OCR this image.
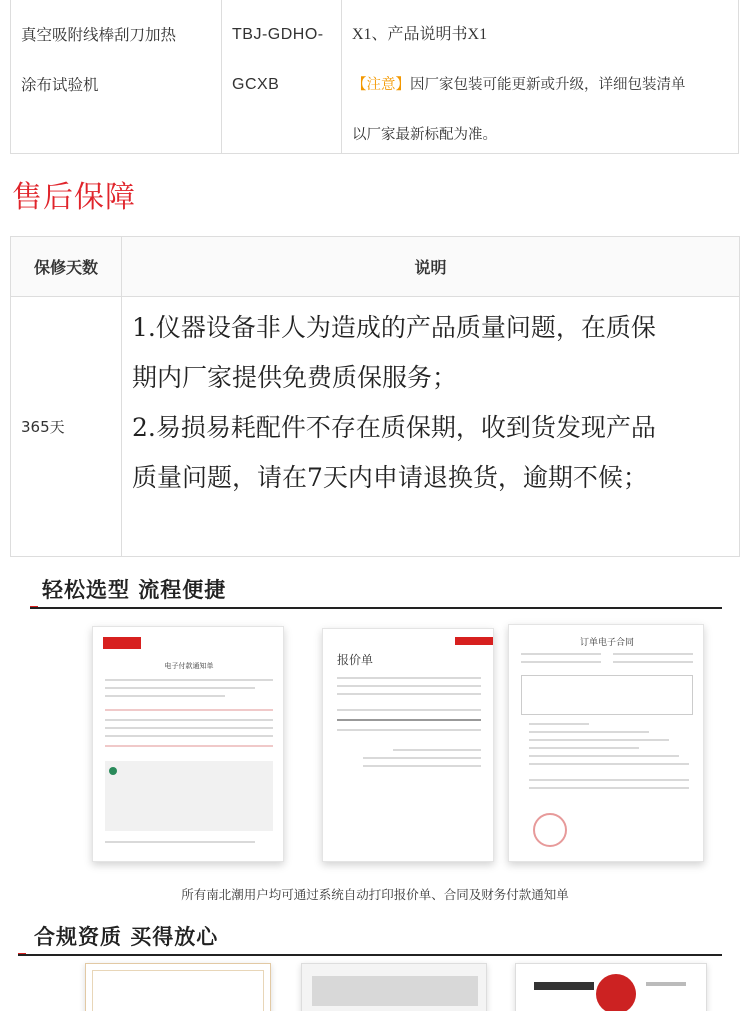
真空吸附线棒刮刀加热
涂布试验机
TBJ-GDHO-
GCXB
X1、产品说明书X1
【注意】因厂家包装可能更新或升级，详细包装清单
以厂家最新标配为准。
售后保障
保修天数	说明
365天
1.仪器设备非人为造成的产品质量问题，在质保
期内厂家提供免费质保服务；
2.易损易耗配件不存在质保期，收到货发现产品
质量问题，请在7天内申请退换货，逾期不候；
轻松选型 流程便捷
电子付款通知单	报价单
订单电子合同
所有南北潮用户均可通过系统自动打印报价单、合同及财务付款通知单
合规资质 买得放心
